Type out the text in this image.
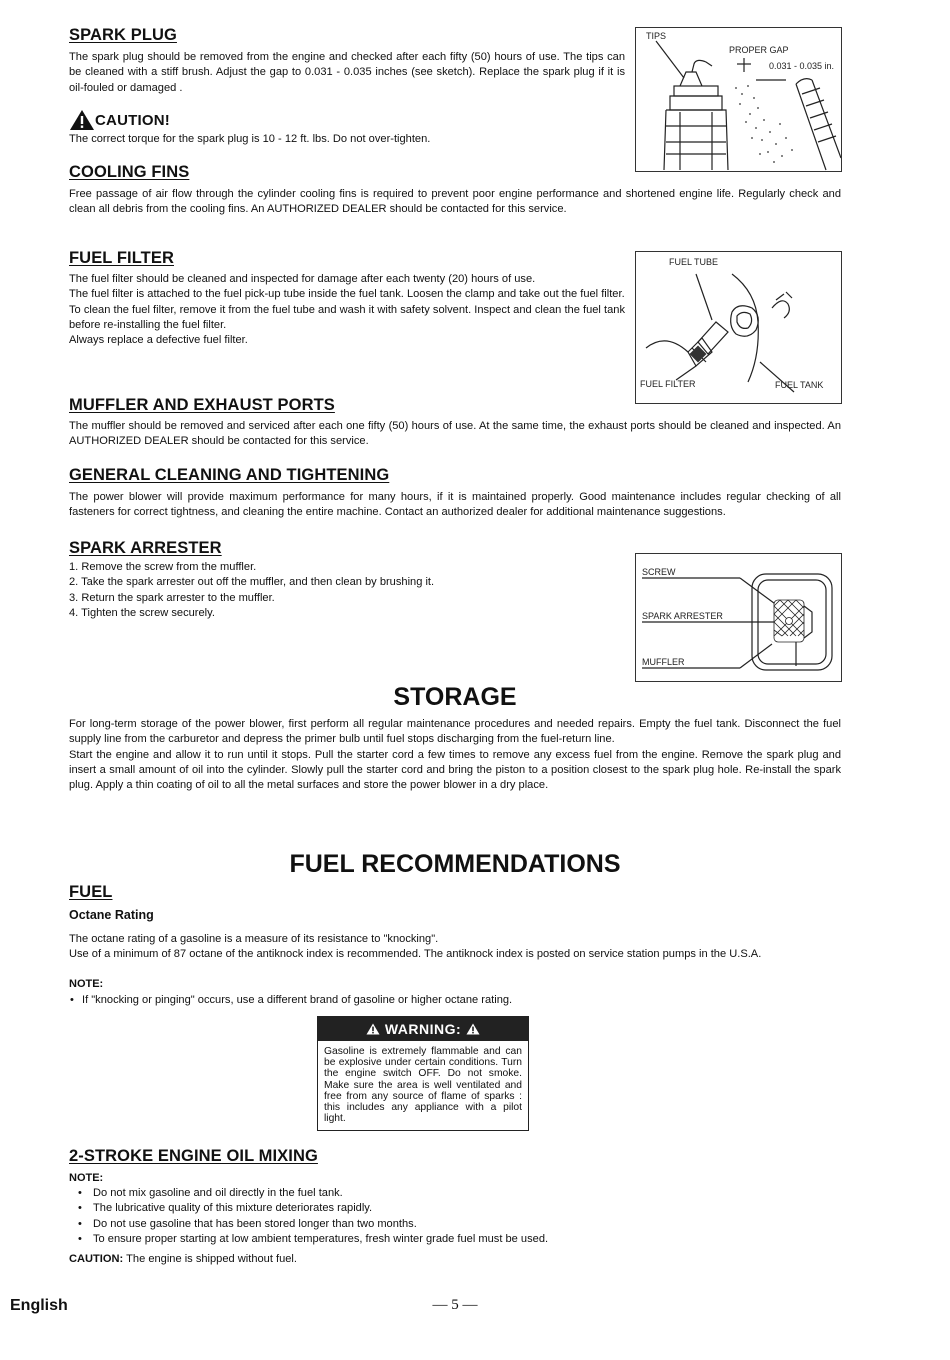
SPARK PLUG

The spark plug should be removed from the engine and checked after each fifty (50) hours of use. The tips can be cleaned with a stiff brush. Adjust the gap to 0.031 - 0.035 inches (see sketch). Replace the spark plug if it is oil-fouled or damaged .

CAUTION!

The correct torque for the spark plug is 10 - 12 ft. lbs. Do not over-tighten.

TIPS
PROPER GAP
0.031 - 0.035 in.
COOLING FINS

Free passage of air flow through the cylinder cooling fins is required to prevent poor engine performance and shortened engine life. Regularly check and clean all debris from the cooling fins. An AUTHORIZED DEALER should be contacted for this service.

FUEL FILTER
The fuel filter should be cleaned and inspected for damage after each twenty (20) hours of use.
The fuel filter is attached to the fuel pick-up tube inside the fuel tank. Loosen the clamp and take out the fuel filter.
To clean the fuel filter, remove it from the fuel tube and wash it with safety solvent. Inspect and clean the fuel tank before re-installing the fuel filter.
Always replace a defective fuel filter.
FUEL TUBE
FUEL FILTER	FUEL TANK
MUFFLER AND EXHAUST PORTS

The muffler should be removed and serviced after each one fifty (50) hours of use. At the same time, the exhaust ports should be cleaned and inspected. An AUTHORIZED DEALER should be contacted for this service.

GENERAL CLEANING AND TIGHTENING

The power blower will provide maximum performance for many hours, if it is maintained properly. Good maintenance includes regular checking of all fasteners for correct tightness, and cleaning the entire machine. Contact an authorized dealer for additional maintenance suggestions.

SPARK ARRESTER
1. Remove the screw from the muffler.
2. Take the spark arrester out off the muffler, and then clean by brushing it.
3. Return the spark arrester to the muffler.
4. Tighten the screw securely.
SCREW
SPARK ARRESTER
MUFFLER
STORAGE
For long-term storage of the power blower, first perform all regular maintenance procedures and needed repairs. Empty the fuel tank. Disconnect the fuel supply line from the carburetor and depress the primer bulb until fuel stops discharging from the fuel-return line.
Start the engine and allow it to run until it stops. Pull the starter cord a few times to remove any excess fuel from the engine. Remove the spark plug and insert a small amount of oil into the cylinder. Slowly pull the starter cord and bring the piston to a position closest to the spark plug hole. Re-install the spark plug. Apply a thin coating of oil to all the metal surfaces and store the power blower in a dry place.
FUEL RECOMMENDATIONS
FUEL
Octane Rating
The octane rating of a gasoline is a measure of its resistance to "knocking".
Use of a minimum of 87 octane of the antiknock index is recommended. The antiknock index is posted on service station pumps in the U.S.A.
NOTE:
• If "knocking or pinging" occurs, use a different brand of gasoline or higher octane rating.
WARNING:
Gasoline is extremely flammable and can be explosive under certain conditions. Turn the engine switch OFF. Do not smoke. Make sure the area is well ventilated and free from any source of flame of sparks : this includes any appliance with a pilot light.
2-STROKE ENGINE OIL MIXING
NOTE:
• Do not mix gasoline and oil directly in the fuel tank.
• The lubricative quality of this mixture deteriorates rapidly.
• Do not use gasoline that has been stored longer than two months.
• To ensure proper starting at low ambient temperatures, fresh winter grade fuel must be used.
CAUTION: The engine is shipped without fuel.
English	— 5 —
